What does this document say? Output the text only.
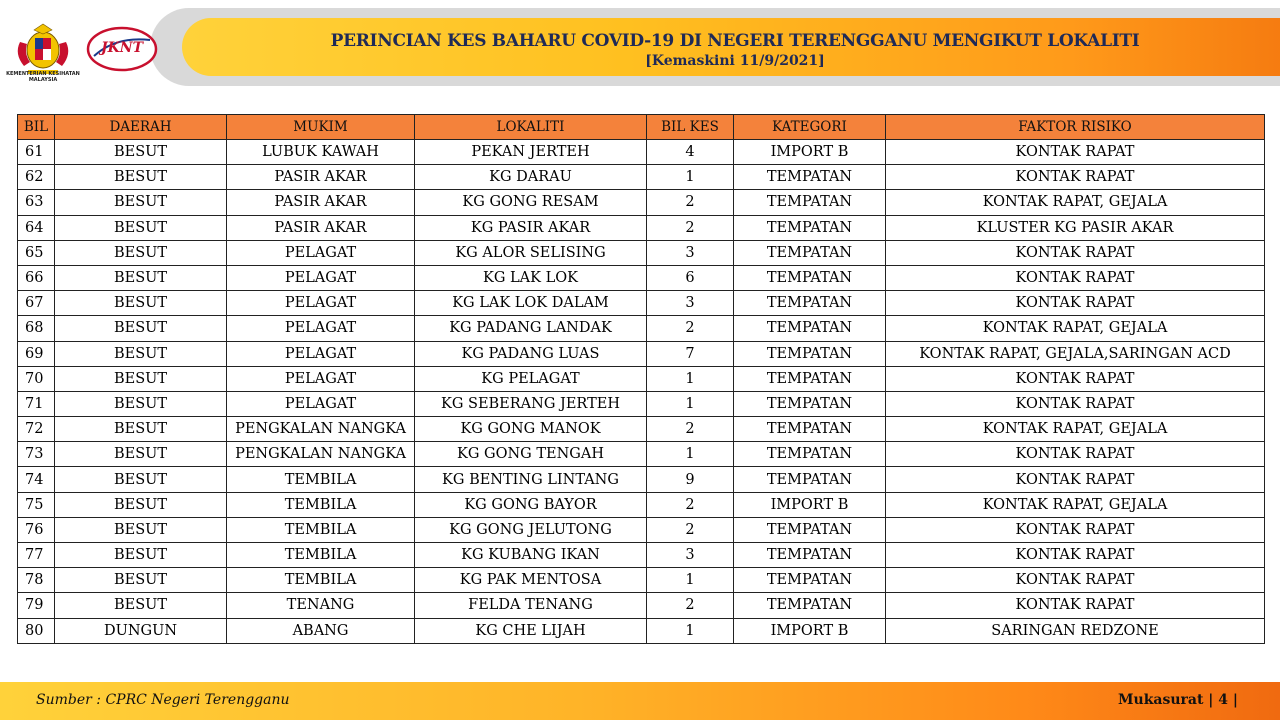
PERINCIAN KES BAHARU COVID-19 DI NEGERI TERENGGANU MENGIKUT LOKALITI
[Kemaskini 11/9/2021]
KEMENTERIAN KESIHATAN MALAYSIA
JKNT
BIL	DAERAH	MUKIM	LOKALITI	BIL KES	KATEGORI	FAKTOR RISIKO
61	BESUT	LUBUK KAWAH	PEKAN JERTEH	4	IMPORT B	KONTAK RAPAT
62	BESUT	PASIR AKAR	KG DARAU	1	TEMPATAN	KONTAK RAPAT
63	BESUT	PASIR AKAR	KG GONG RESAM	2	TEMPATAN	KONTAK RAPAT, GEJALA
64	BESUT	PASIR AKAR	KG PASIR AKAR	2	TEMPATAN	KLUSTER KG PASIR AKAR
65	BESUT	PELAGAT	KG ALOR SELISING	3	TEMPATAN	KONTAK RAPAT
66	BESUT	PELAGAT	KG LAK LOK	6	TEMPATAN	KONTAK RAPAT
67	BESUT	PELAGAT	KG LAK LOK DALAM	3	TEMPATAN	KONTAK RAPAT
68	BESUT	PELAGAT	KG PADANG LANDAK	2	TEMPATAN	KONTAK RAPAT, GEJALA
69	BESUT	PELAGAT	KG PADANG LUAS	7	TEMPATAN	KONTAK RAPAT, GEJALA,SARINGAN ACD
70	BESUT	PELAGAT	KG PELAGAT	1	TEMPATAN	KONTAK RAPAT
71	BESUT	PELAGAT	KG SEBERANG JERTEH	1	TEMPATAN	KONTAK RAPAT
72	BESUT	PENGKALAN NANGKA	KG GONG MANOK	2	TEMPATAN	KONTAK RAPAT, GEJALA
73	BESUT	PENGKALAN NANGKA	KG GONG TENGAH	1	TEMPATAN	KONTAK RAPAT
74	BESUT	TEMBILA	KG BENTING LINTANG	9	TEMPATAN	KONTAK RAPAT
75	BESUT	TEMBILA	KG GONG BAYOR	2	IMPORT B	KONTAK RAPAT, GEJALA
76	BESUT	TEMBILA	KG GONG JELUTONG	2	TEMPATAN	KONTAK RAPAT
77	BESUT	TEMBILA	KG KUBANG IKAN	3	TEMPATAN	KONTAK RAPAT
78	BESUT	TEMBILA	KG PAK MENTOSA	1	TEMPATAN	KONTAK RAPAT
79	BESUT	TENANG	FELDA TENANG	2	TEMPATAN	KONTAK RAPAT
80	DUNGUN	ABANG	KG CHE LIJAH	1	IMPORT B	SARINGAN REDZONE
Sumber : CPRC Negeri Terengganu	Mukasurat | 4 |
